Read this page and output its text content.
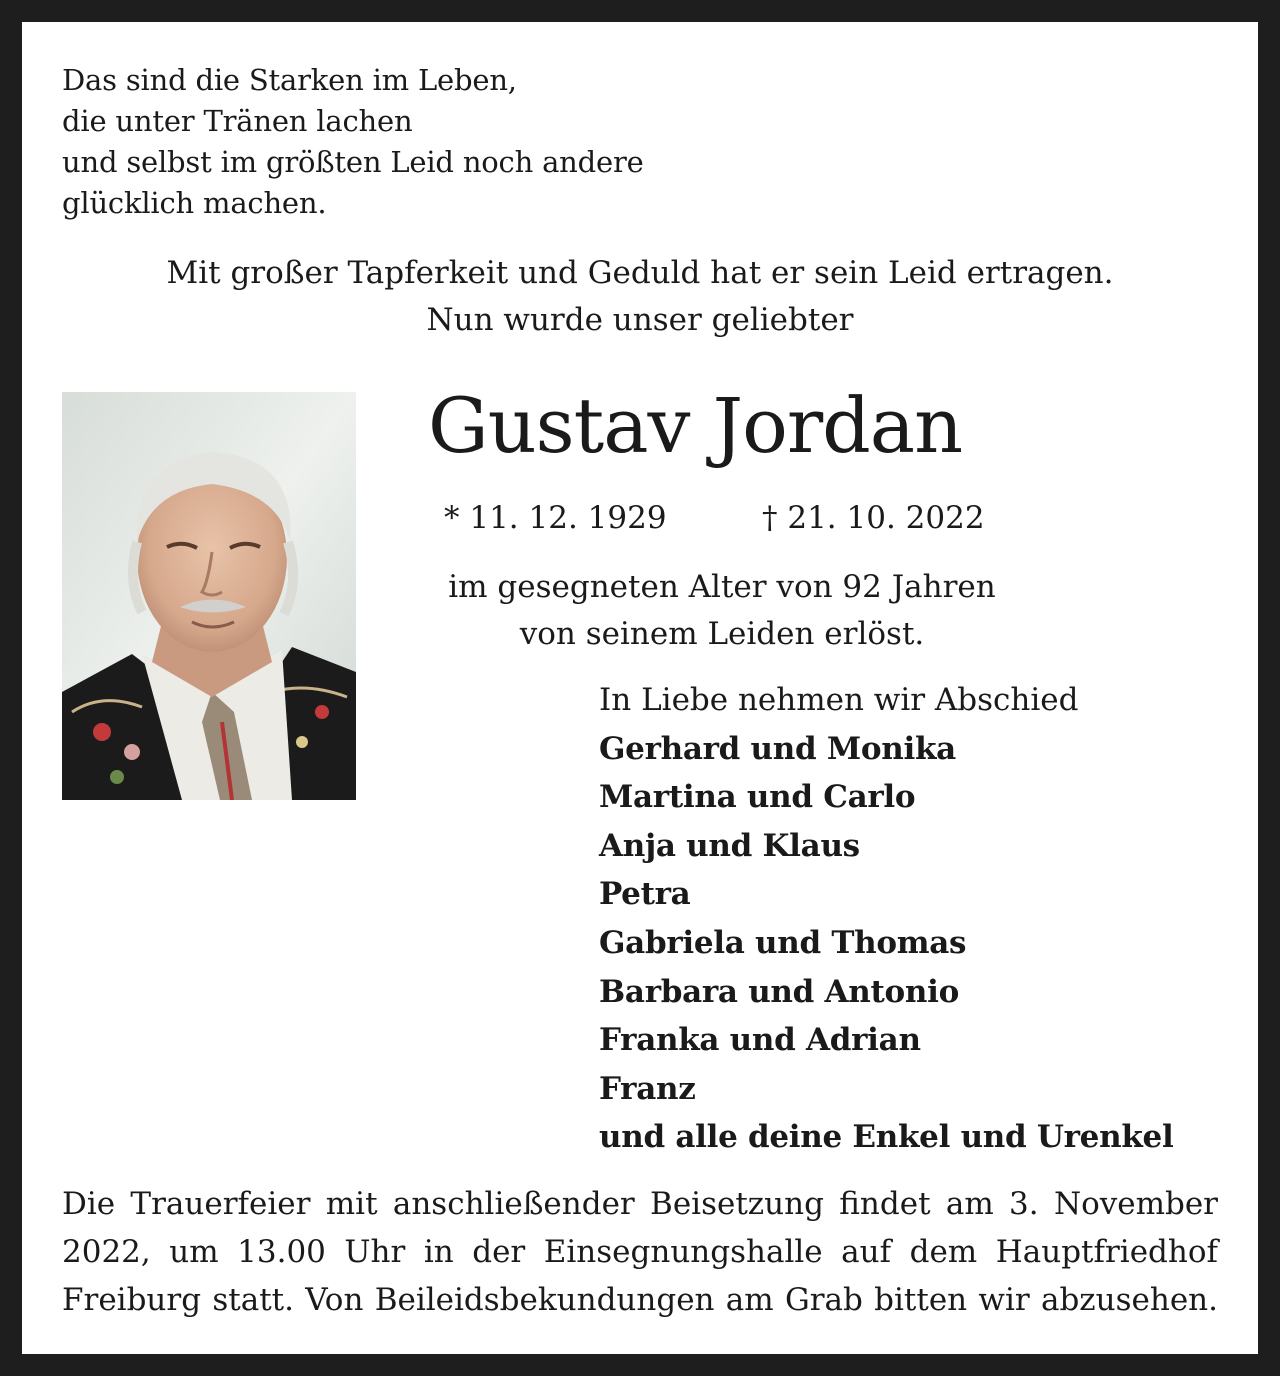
Das sind die Starken im Leben,
die unter Tränen lachen
und selbst im größten Leid noch andere
glücklich machen.
Mit großer Tapferkeit und Geduld hat er sein Leid ertragen.
Nun wurde unser geliebter
Gustav Jordan
* 11. 12. 1929	† 21. 10. 2022
im gesegneten Alter von 92 Jahren
von seinem Leiden erlöst.
In Liebe nehmen wir Abschied
Gerhard und Monika
Martina und Carlo
Anja und Klaus
Petra
Gabriela und Thomas
Barbara und Antonio
Franka und Adrian
Franz
und alle deine Enkel und Urenkel
Die Trauerfeier mit anschließender Beisetzung findet am 3. November
2022, um 13.00 Uhr in der Einsegnungshalle auf dem Hauptfriedhof
Freiburg statt. Von Beileidsbekundungen am Grab bitten wir abzusehen.
